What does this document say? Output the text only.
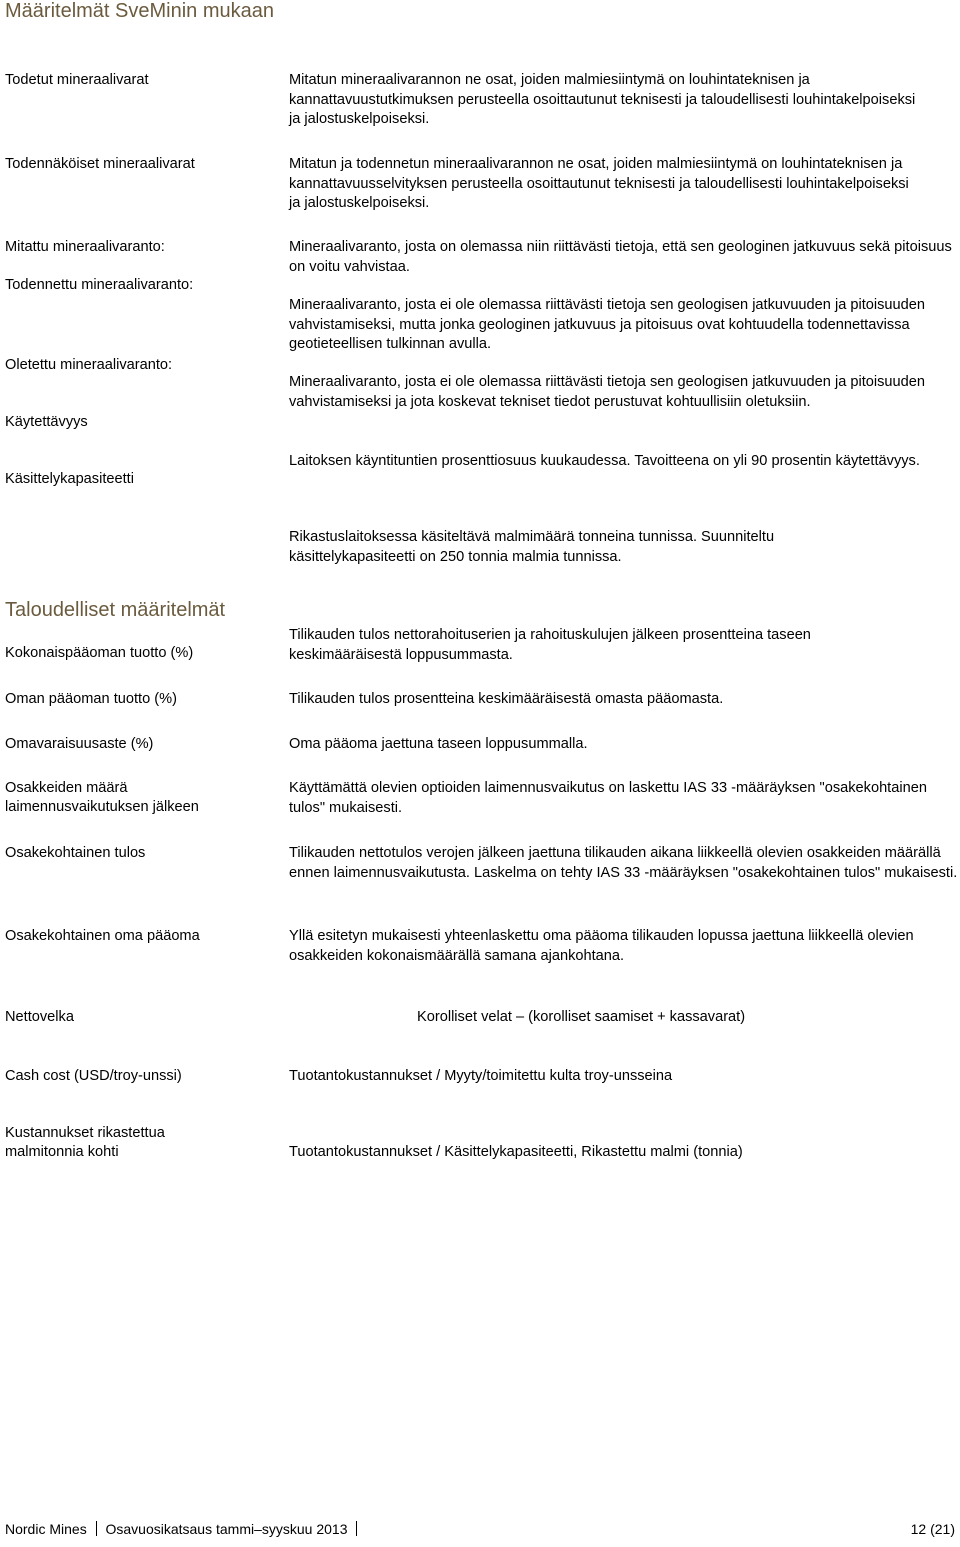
Määritelmät SveMinin mukaan
Todetut mineraalivarat
Todennäköiset mineraalivarat
Mitattu mineraalivaranto:
Todennettu mineraalivaranto:
Oletettu mineraalivaranto:
Käytettävyys
Käsittelykapasiteetti
Mitatun mineraalivarannon ne osat, joiden malmiesiintymä on louhintateknisen ja kannattavuustutkimuksen perusteella osoittautunut teknisesti ja taloudellisesti louhintakelpoiseksi ja jalostuskelpoiseksi.
Mitatun ja todennetun mineraalivarannon ne osat, joiden malmiesiintymä on louhintateknisen ja kannattavuusselvityksen perusteella osoittautunut teknisesti ja taloudellisesti louhintakelpoiseksi ja jalostuskelpoiseksi.
Mineraalivaranto, josta on olemassa niin riittävästi tietoja, että sen geologinen jatkuvuus sekä pitoisuus on voitu vahvistaa.
Mineraalivaranto, josta ei ole olemassa riittävästi tietoja sen geologisen jatkuvuuden ja pitoisuuden vahvistamiseksi, mutta jonka geologinen jatkuvuus ja pitoisuus ovat kohtuudella todennettavissa geotieteellisen tulkinnan avulla.
Mineraalivaranto, josta ei ole olemassa riittävästi tietoja sen geologisen jatkuvuuden ja pitoisuuden vahvistamiseksi ja jota koskevat tekniset tiedot perustuvat kohtuullisiin oletuksiin.
Laitoksen käyntituntien prosenttiosuus kuukaudessa. Tavoitteena on yli 90 prosentin käytettävyys.
Rikastuslaitoksessa käsiteltävä malmimäärä tonneina tunnissa. Suunniteltu käsittelykapasiteetti on 250 tonnia malmia tunnissa.
Taloudelliset määritelmät
Kokonaispääoman tuotto (%)
Oman pääoman tuotto (%)
Omavaraisuusaste (%)
Osakkeiden määrä
laimennusvaikutuksen jälkeen
Osakekohtainen tulos
Osakekohtainen oma pääoma
Nettovelka
Cash cost (USD/troy-unssi)
Kustannukset rikastettua
malmitonnia kohti
Tilikauden tulos nettorahoituserien ja rahoituskulujen jälkeen prosentteina taseen keskimääräisestä loppusummasta.
Tilikauden tulos prosentteina keskimääräisestä omasta pääomasta.
Oma pääoma jaettuna taseen loppusummalla.
Käyttämättä olevien optioiden laimennusvaikutus on laskettu IAS 33 -määräyksen "osakekohtainen tulos" mukaisesti.
Tilikauden nettotulos verojen jälkeen jaettuna tilikauden aikana liikkeellä olevien osakkeiden määrällä ennen laimennusvaikutusta. Laskelma on tehty IAS 33 -määräyksen "osakekohtainen tulos" mukaisesti.
Yllä esitetyn mukaisesti yhteenlaskettu oma pääoma tilikauden lopussa jaettuna liikkeellä olevien osakkeiden kokonaismäärällä samana ajankohtana.
Korolliset velat – (korolliset saamiset + kassavarat)
Tuotantokustannukset / Myyty/toimitettu kulta troy-unsseina
Tuotantokustannukset / Käsittelykapasiteetti, Rikastettu malmi (tonnia)
Nordic Mines Osavuosikatsaus tammi–syyskuu 2013	12 (21)
